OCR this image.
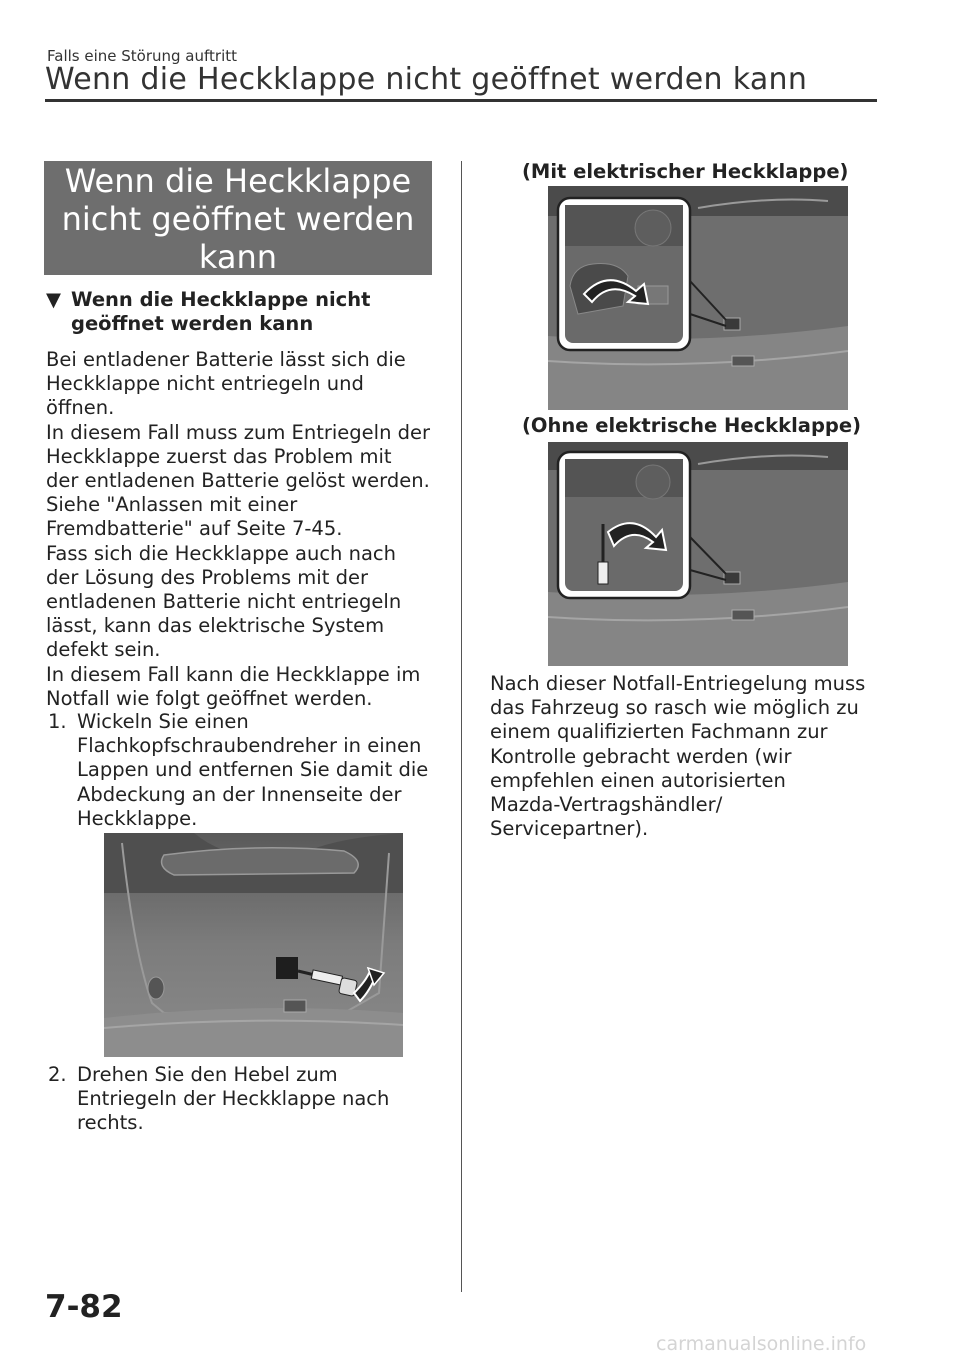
Falls eine Störung auftritt
Wenn die Heckklappe nicht geöffnet werden kann
Wenn die Heckklappe
nicht geöffnet werden
kann
▼ Wenn die Heckklappe nicht
geöffnet werden kann
Bei entladener Batterie lässt sich die
Heckklappe nicht entriegeln und
öffnen.
In diesem Fall muss zum Entriegeln der
Heckklappe zuerst das Problem mit
der entladenen Batterie gelöst werden.
Siehe "Anlassen mit einer
Fremdbatterie" auf Seite 7-45.
Fass sich die Heckklappe auch nach
der Lösung des Problems mit der
entladenen Batterie nicht entriegeln
lässt, kann das elektrische System
defekt sein.
In diesem Fall kann die Heckklappe im
Notfall wie folgt geöffnet werden.
1. Wickeln Sie einen
Flachkopfschraubendreher in einen
Lappen und entfernen Sie damit die
Abdeckung an der Innenseite der
Heckklappe.
2. Drehen Sie den Hebel zum
Entriegeln der Heckklappe nach
rechts.
(Mit elektrischer Heckklappe)
(Ohne elektrische Heckklappe)
Nach dieser Notfall-Entriegelung muss
das Fahrzeug so rasch wie möglich zu
einem qualifizierten Fachmann zur
Kontrolle gebracht werden (wir
empfehlen einen autorisierten
Mazda-Vertragshändler/
Servicepartner).
7-82
carmanualsonline.info
